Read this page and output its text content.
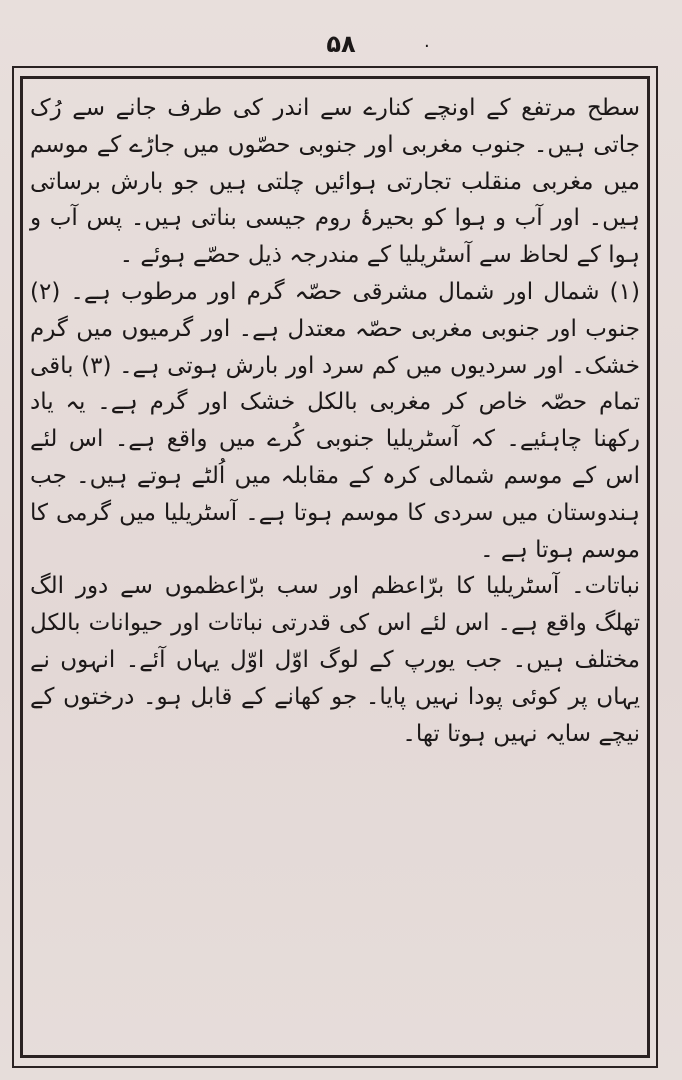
۵۸	·

سطح مرتفع کے اونچے کنارے سے اندر کی طرف جانے سے رُک جاتی ہیں۔ جنوب مغربی اور جنوبی حصّوں میں جاڑے کے موسم میں مغربی منقلب تجارتی ہوائیں چلتی ہیں جو بارش برساتی ہیں۔ اور آب و ہوا کو بحیرۂ روم جیسی بناتی ہیں۔ پس آب و ہوا کے لحاظ سے آسٹریلیا کے مندرجہ ذیل حصّے ہوئے ۔

(۱) شمال اور شمال مشرقی حصّہ گرم اور مرطوب ہے۔ (۲) جنوب اور جنوبی مغربی حصّہ معتدل ہے۔ اور گرمیوں میں گرم خشک۔ اور سردیوں میں کم سرد اور بارش ہوتی ہے۔ (۳) باقی تمام حصّہ خاص کر مغربی بالکل خشک اور گرم ہے۔ یہ یاد رکھنا چاہئیے۔ کہ آسٹریلیا جنوبی کُرے میں واقع ہے۔ اس لئے اس کے موسم شمالی کرہ کے مقابلہ میں اُلٹے ہوتے ہیں۔ جب ہندوستان میں سردی کا موسم ہوتا ہے۔ آسٹریلیا میں گرمی کا موسم ہوتا ہے ۔

نباتات۔ آسٹریلیا کا برّاعظم اور سب برّاعظموں سے دور الگ تھلگ واقع ہے۔ اس لئے اس کی قدرتی نباتات اور حیوانات بالکل مختلف ہیں۔ جب یورپ کے لوگ اوّل اوّل یہاں آئے۔ انہوں نے یہاں پر کوئی پودا نہیں پایا۔ جو کھانے کے قابل ہو۔ درختوں کے نیچے سایہ نہیں ہوتا تھا۔
